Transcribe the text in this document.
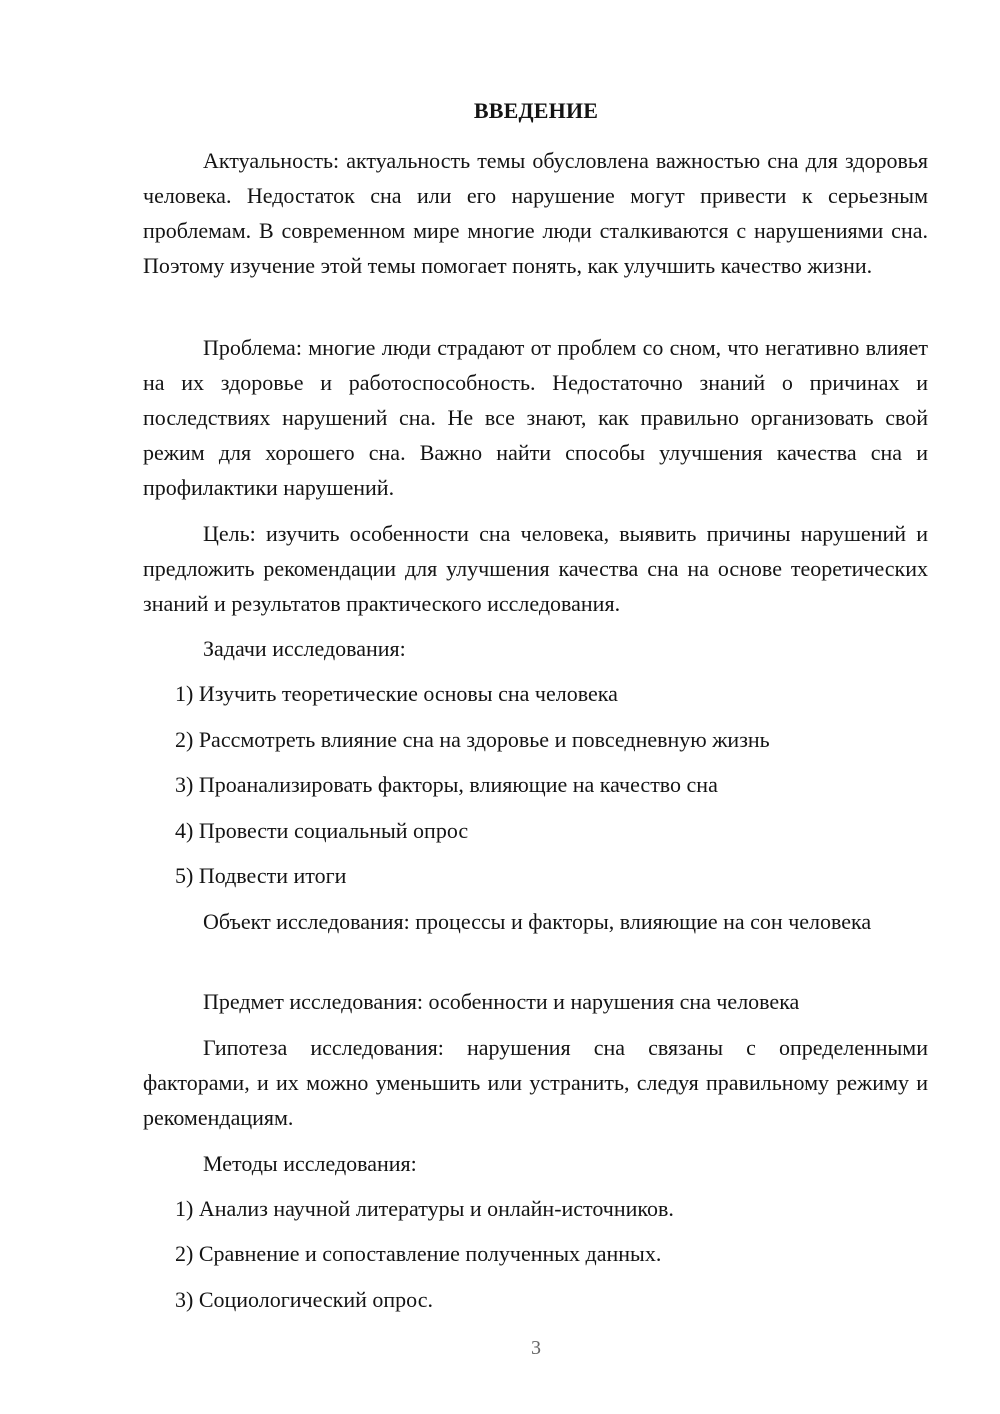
ВВЕДЕНИЕ
Актуальность: актуальность темы обусловлена важностью сна для здоровья человека. Недостаток сна или его нарушение могут привести к серьезным проблемам. В современном мире многие люди сталкиваются с нарушениями сна. Поэтому изучение этой темы помогает понять, как улучшить качество жизни.
Проблема: многие люди страдают от проблем со сном, что негативно влияет на их здоровье и работоспособность. Недостаточно знаний о причинах и последствиях нарушений сна. Не все знают, как правильно организовать свой режим для хорошего сна. Важно найти способы улучшения качества сна и профилактики нарушений.
Цель: изучить особенности сна человека, выявить причины нарушений и предложить рекомендации для улучшения качества сна на основе теоретических знаний и результатов практического исследования.
Задачи исследования:
1) Изучить теоретические основы сна человека
2) Рассмотреть влияние сна на здоровье и повседневную жизнь
3) Проанализировать факторы, влияющие на качество сна
4) Провести социальный опрос
5) Подвести итоги
Объект исследования: процессы и факторы, влияющие на сон человека
Предмет исследования: особенности и нарушения сна человека
Гипотеза исследования: нарушения сна связаны с определенными факторами, и их можно уменьшить или устранить, следуя правильному режиму и рекомендациям.
Методы исследования:
1) Анализ научной литературы и онлайн-источников.
2) Сравнение и сопоставление полученных данных.
3) Социологический опрос.
3
